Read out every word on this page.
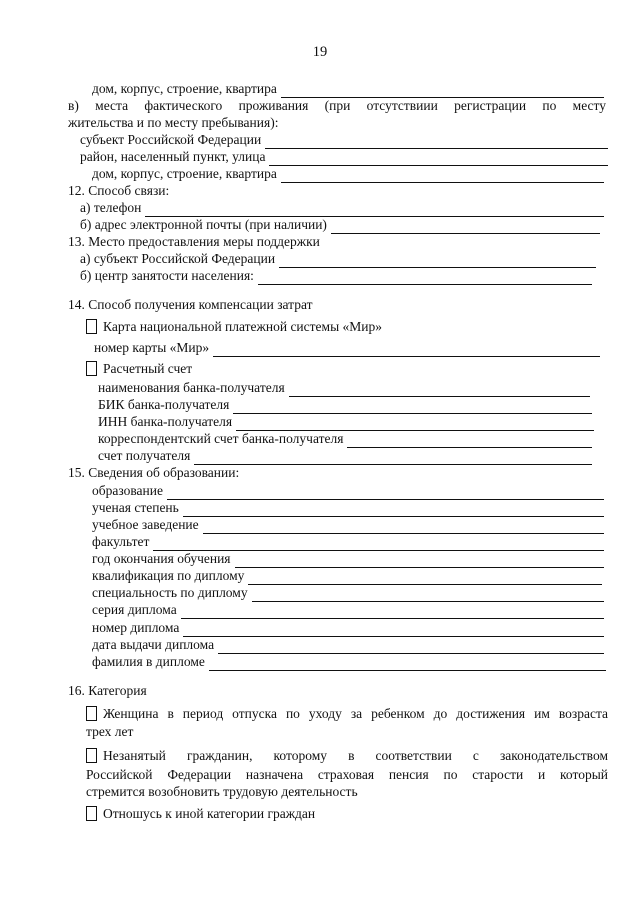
19
дом, корпус, строение, квартира
в) места фактического проживания (при отсутствиии регистрации по месту
жительства и по месту пребывания):
субъект Российской Федерации
район, населенный пункт, улица
дом, корпус, строение, квартира
12. Способ связи:
а) телефон
б) адрес электронной почты (при наличии)
13. Место предоставления меры поддержки
а) субъект Российской Федерации
б) центр занятости населения:
14. Способ получения компенсации затрат
Карта национальной платежной системы «Мир»
номер карты «Мир»
Расчетный счет
наименования банка-получателя
БИК банка-получателя
ИНН банка-получателя
корреспондентский счет банка-получателя
счет получателя
15. Сведения об образовании:
образование
ученая степень
учебное заведение
факультет
год окончания обучения
квалификация по диплому
специальность по диплому
серия диплома
номер диплома
дата выдачи диплома
фамилия в дипломе
16. Категория
Женщина в период отпуска по уходу за ребенком до достижения им возраста
трех лет
Незанятый гражданин, которому в соответствии с законодательством
Российской Федерации назначена страховая пенсия по старости и который
стремится возобновить трудовую деятельность
Отношусь к иной категории граждан
